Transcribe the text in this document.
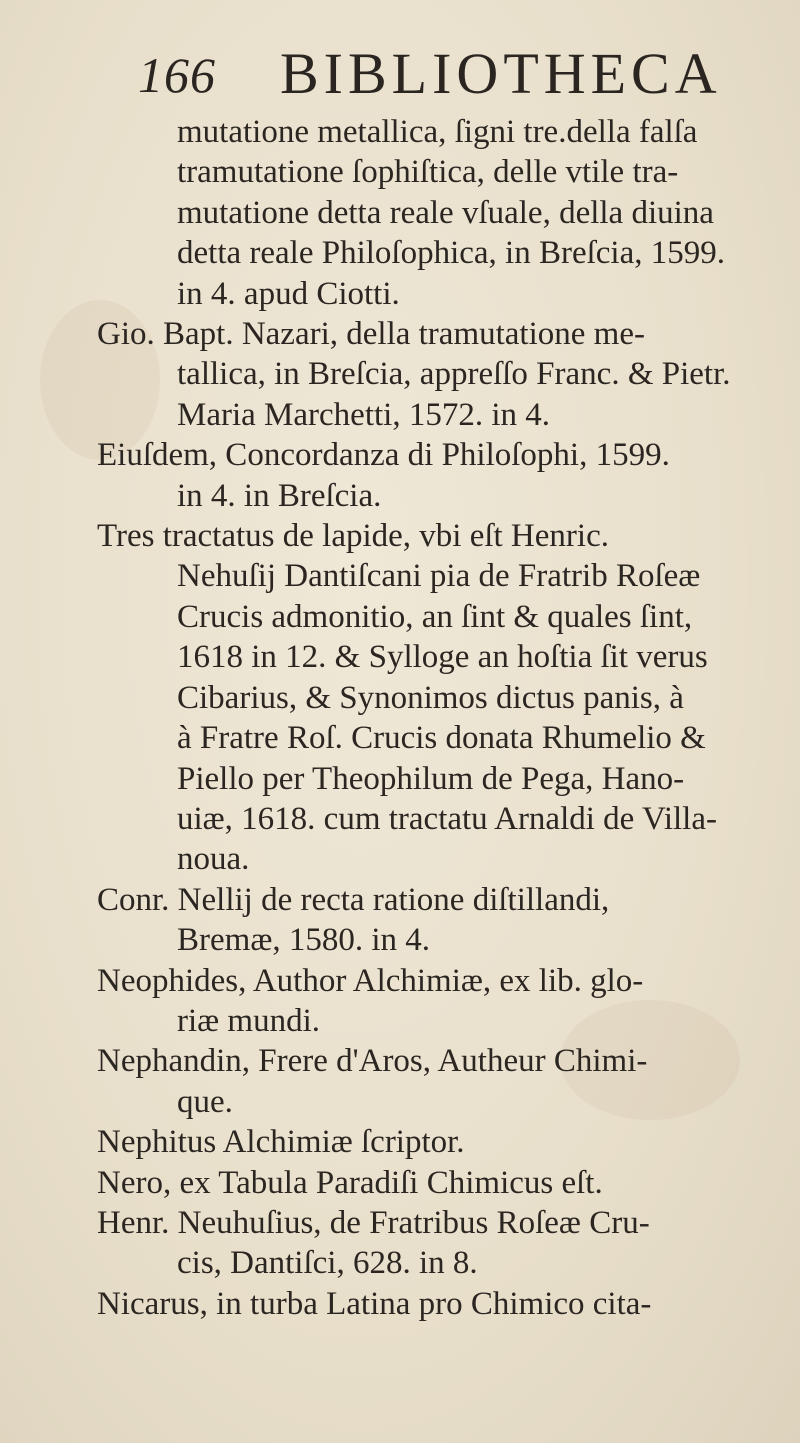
166 BIBLIOTHECA
mutatione metallica, ſigni tre.della falſa
tramutatione ſophiſtica, delle vtile tra-
mutatione detta reale vſuale, della diuina
detta reale Philoſophica, in Breſcia, 1599.
in 4. apud Ciotti.
Gio. Bapt. Nazari, della tramutatione me-
tallica, in Breſcia, appreſſo Franc. & Pietr.
Maria Marchetti, 1572. in 4.
Eiuſdem, Concordanza di Philoſophi, 1599.
in 4. in Breſcia.
Tres tractatus de lapide, vbi eſt Henric.
Nehuſij Dantiſcani pia de Fratrib Roſeæ
Crucis admonitio, an ſint & quales ſint,
1618 in 12. & Sylloge an hoſtia ſit verus
Cibarius, & Synonimos dictus panis, à
à Fratre Roſ. Crucis donata Rhumelio &
Piello per Theophilum de Pega, Hano-
uiæ, 1618. cum tractatu Arnaldi de Villa-
noua.
Conr. Nellij de recta ratione diſtillandi,
Bremæ, 1580. in 4.
Neophides, Author Alchimiæ, ex lib. glo-
riæ mundi.
Nephandin, Frere d'Aros, Autheur Chimi-
que.
Nephitus Alchimiæ ſcriptor.
Nero, ex Tabula Paradiſi Chimicus eſt.
Henr. Neuhuſius, de Fratribus Roſeæ Cru-
cis, Dantiſci, 628. in 8.
Nicarus, in turba Latina pro Chimico cita-
